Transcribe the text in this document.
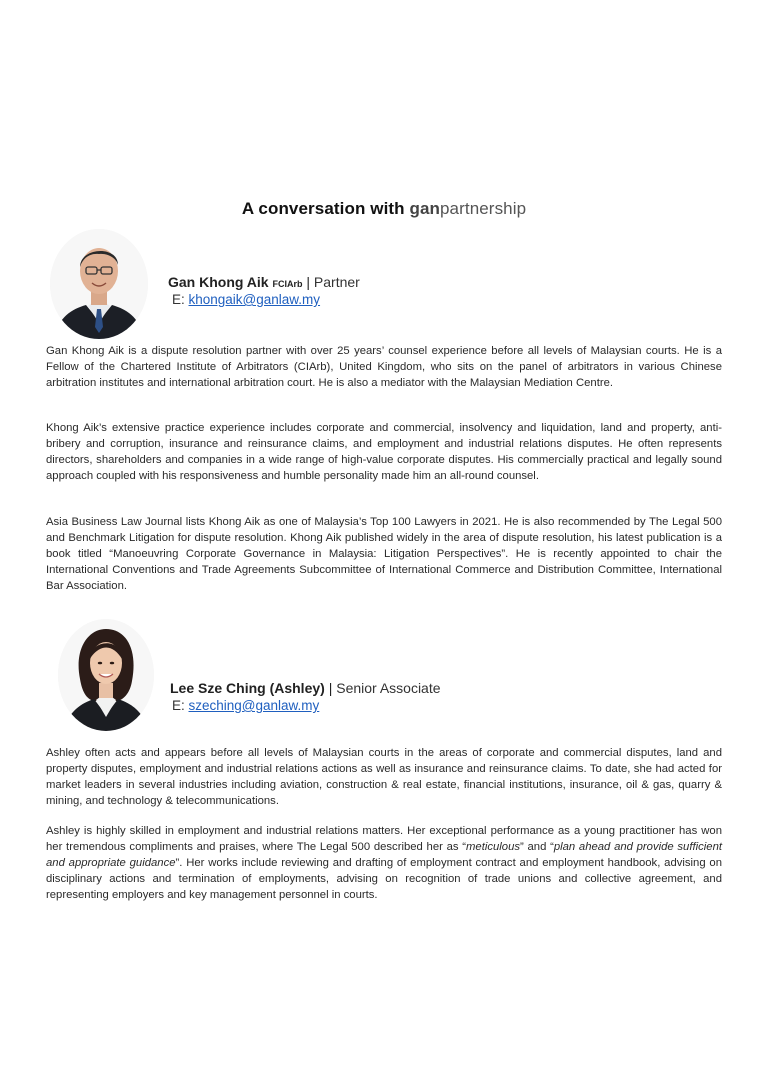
A conversation with ganpartnership
Gan Khong Aik FCIArb | Partner
E: khongaik@ganlaw.my
Gan Khong Aik is a dispute resolution partner with over 25 years’ counsel experience before all levels of Malaysian courts. He is a Fellow of the Chartered Institute of Arbitrators (CIArb), United Kingdom, who sits on the panel of arbitrators in various Chinese arbitration institutes and international arbitration court. He is also a mediator with the Malaysian Mediation Centre.
Khong Aik’s extensive practice experience includes corporate and commercial, insolvency and liquidation, land and property, anti-bribery and corruption, insurance and reinsurance claims, and employment and industrial relations disputes. He often represents directors, shareholders and companies in a wide range of high-value corporate disputes. His commercially practical and legally sound approach coupled with his responsiveness and humble personality made him an all-round counsel.
Asia Business Law Journal lists Khong Aik as one of Malaysia’s Top 100 Lawyers in 2021. He is also recommended by The Legal 500 and Benchmark Litigation for dispute resolution. Khong Aik published widely in the area of dispute resolution, his latest publication is a book titled “Manoeuvring Corporate Governance in Malaysia: Litigation Perspectives”. He is recently appointed to chair the International Conventions and Trade Agreements Subcommittee of International Commerce and Distribution Committee, International Bar Association.
Lee Sze Ching (Ashley) | Senior Associate
E: szeching@ganlaw.my
Ashley often acts and appears before all levels of Malaysian courts in the areas of corporate and commercial disputes, land and property disputes, employment and industrial relations actions as well as insurance and reinsurance claims. To date, she had acted for market leaders in several industries including aviation, construction & real estate, financial institutions, insurance, oil & gas, quarry & mining, and technology & telecommunications.
Ashley is highly skilled in employment and industrial relations matters. Her exceptional performance as a young practitioner has won her tremendous compliments and praises, where The Legal 500 described her as “meticulous” and “plan ahead and provide sufficient and appropriate guidance”. Her works include reviewing and drafting of employment contract and employment handbook, advising on disciplinary actions and termination of employments, advising on recognition of trade unions and collective agreement, and representing employers and key management personnel in courts.
